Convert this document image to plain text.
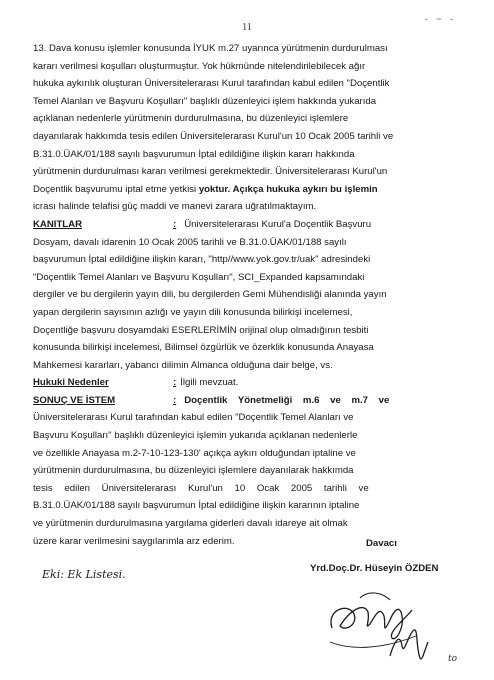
11
- ~ -

13. Dava konusu işlemler konusunda İYUK m.27 uyarınca yürütmenin durdurulması

kararı verilmesi koşulları oluşturmuştur. Yok hükmünde nitelendirilebilecek ağır

hukuka aykırılık oluşturan Üniversitelerarası Kurul tarafından kabul edilen "Doçentlik

Temel Alanları ve Başvuru Koşulları" başlıklı düzenleyici işlem hakkında yukarıda

açıklanan nedenlerle yürütmenin durdurulmasına, bu düzenleyici işlemlere

dayanılarak hakkımda tesis edilen Üniversitelerarası Kurul'un 10 Ocak 2005 tarihli ve

B.31.0.ÜAK/01/188 sayılı başvurumun İptal edildiğine ilişkin kararı hakkında

yürütmenin durdurulması kararı verilmesi gerekmektedir. Üniversitelerarası Kurul'un

Doçentlik başvurumu iptal etme yetkisi yoktur. Açıkça hukuka aykırı bu işlemin

icrası halinde telafisi güç maddi ve manevi zarara uğratılmaktayım.

KANITLAR	: Üniversitelerarası Kurul'a Doçentlik Başvuru

Dosyam, davalı idarenin 10 Ocak 2005 tarihli ve B.31.0.ÜAK/01/188 sayılı

başvurumun İptal edildiğine ilişkin kararı, "http//www.yok.gov.tr/uak" adresindeki

"Doçentlik Temel Alanları ve Başvuru Koşulları", SCI_Expanded kapsamındaki

dergiler ve bu dergilerin yayın dili, bu dergilerden Gemi Mühendisliği alanında yayın

yapan dergilerin sayısının azlığı ve yayın dili konusunda bilirkişi incelemesi,

Doçentliğe başvuru dosyamdaki ESERLERİMİN orijinal olup olmadığının tesbiti

konusunda bilirkişi incelemesi, Bilimsel özgürlük ve özerklik konusunda Anayasa

Mahkemesi kararları, yabancı dilimin Almanca olduğuna dair belge, vs.

Hukuki Nedenler	: İlgili mevzuat.
SONUÇ VE İSTEM	: Doçentlik Yönetmeliği m.6 ve m.7 ve

Üniversitelerarası Kurul tarafından kabul edilen "Doçentlik Temel Alanları ve

Başvuru Koşulları" başlıklı düzenleyici işlemin yukarıda açıklanan nedenlerle

ve özellikle Anayasa m.2-7-10-123-130' açıkça aykırı olduğundan iptaline ve

yürütmenin durdurulmasına, bu düzenleyici işlemlere dayanılarak hakkımda

tesis edilen Üniversitelerarası Kurul'un 10 Ocak 2005 tarihli ve

B.31.0.ÜAK/01/188 sayılı başvurumun İptal edildiğine ilişkin kararının iptaline

ve yürütmenin durdurulmasına yargılama giderleri davalı idareye ait olmak

üzere karar verilmesini saygılarımla arz ederim.	Davacı
Yrd.Doç.Dr. Hüseyin ÖZDEN
Eki: Ek Listesi.
to
